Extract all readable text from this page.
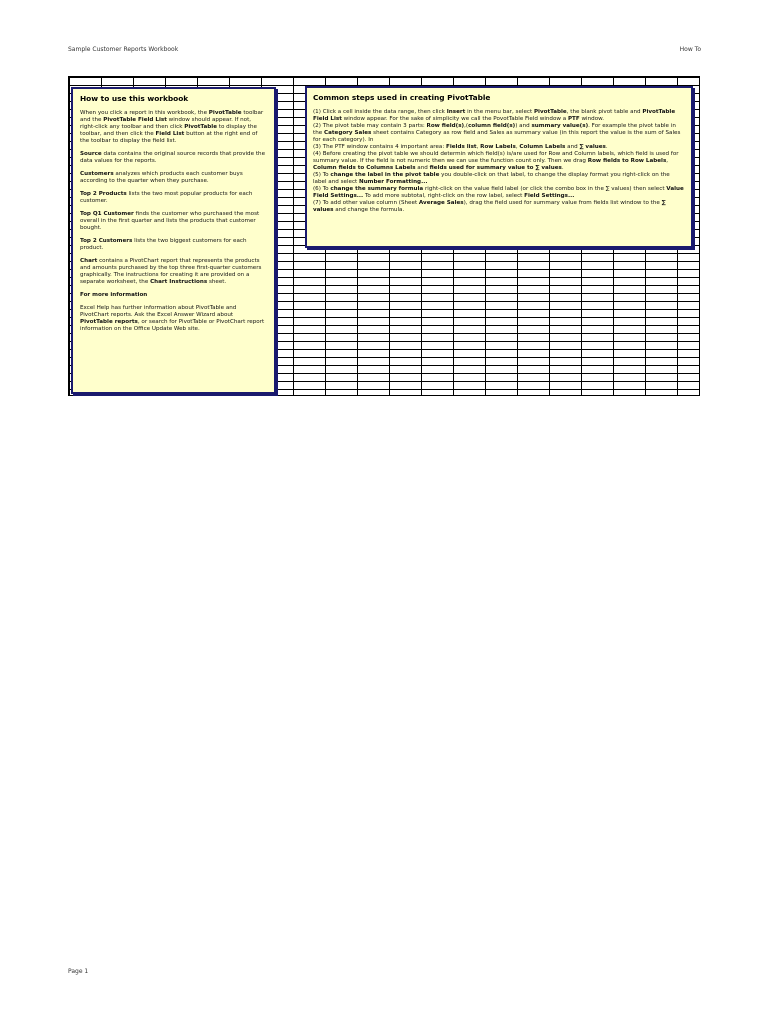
Sample Customer Reports Workbook	How To
How to use this workbook

When you click a report in this workbook, the PivotTable toolbar and the PivotTable Field List window should appear. If not, right-click any toolbar and then click PivotTable to display the toolbar, and then click the Field List button at the right end of the toolbar to display the field list.

Source data contains the original source records that provide the data values for the reports.

Customers analyzes which products each customer buys according to the quarter when they purchase.

Top 2 Products lists the two most popular products for each customer.

Top Q1 Customer finds the customer who purchased the most overall in the first quarter and lists the products that customer bought.

Top 2 Customers lists the two biggest customers for each product.

Chart contains a PivotChart report that represents the products and amounts purchased by the top three first-quarter customers graphically. The instructions for creating it are provided on a separate worksheet, the Chart Instructions sheet.

For more information

Excel Help has further information about PivotTable and PivotChart reports. Ask the Excel Answer Wizard about PivotTable reports, or search for PivotTable or PivotChart report information on the Office Update Web site.

Common steps used in creating PivotTable

(1) Click a cell inside the data range, then click Insert in the menu bar, select PivotTable, the blank pivot table and PivotTable Field List window appear. For the sake of simplicity we call the PovotTable Field window a PTF window.

(2) The pivot table may contain 3 parts: Row field(s),(column field(s)) and summary value(s). For example the pivot table in the Category Sales sheet contains Category as row field and Sales as summary value (in this report the value is the sum of Sales for each category). In

(3) The PTF window contains 4 important area: Fields list, Row Labels, Column Labels and ∑ values.

(4) Before creating the pivot table we should determin which field(s) is/are used for Row and Column labels, which field is used for summary value. If the field is not numeric then we can use the function count only. Then we drag Row fields to Row Labels, Column fields to Columns Labels and fields used for summary value to ∑ values.

(5) To change the label in the pivot table you double-click on that label, to change the display format you right-click on the label and select Number Formatting...

(6) To change the summary formula right-click on the value field label (or click the combo box in the ∑ values) then select Value Field Settings... To add more subtotal, right-click on the row label, select Field Settings...

(7) To add other value column (Sheet Average Sales), drag the field used for summary value from fields list window to the ∑ values and change the formula.

Page 1
